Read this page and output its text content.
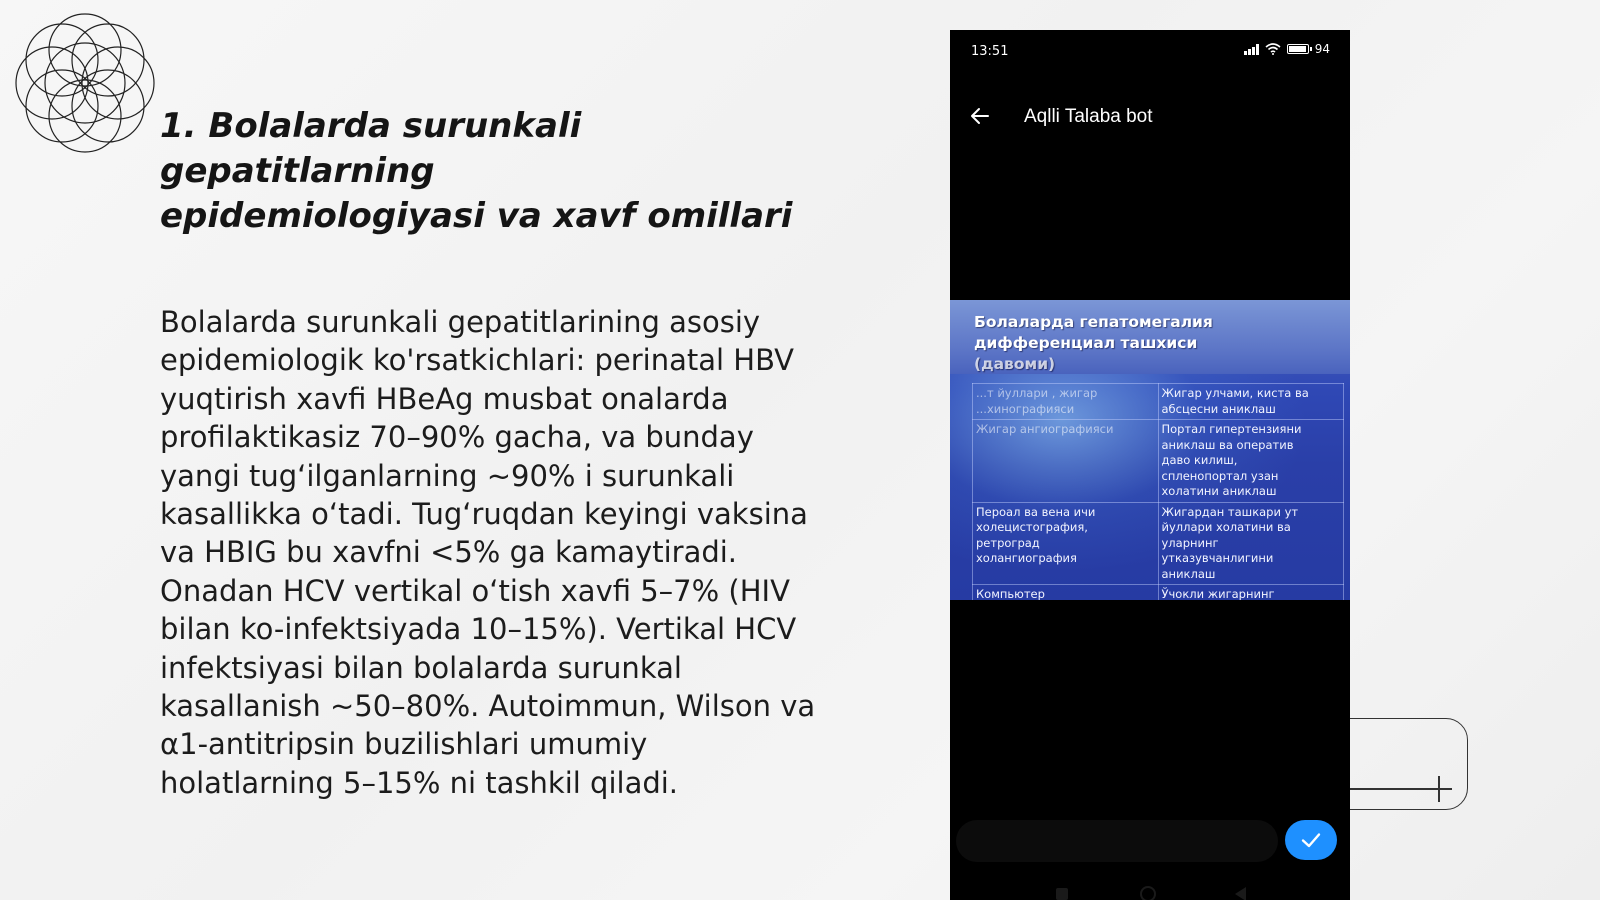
1. Bolalarda surunkali gepatitlarning
epidemiologiyasi va xavf omillari

Bolalarda surunkali gepatitlarining asosiy
epidemiologik ko'rsatkichlari: perinatal HBV
yuqtirish xavfi HBeAg musbat onalarda
profilaktikasiz 70–90% gacha, va bunday
yangi tugʻilganlarning ~90% i surunkali
kasallikka oʻtadi. Tugʻruqdan keyingi vaksina
va HBIG bu xavfni <5% ga kamaytiradi.
Onadan HCV vertikal oʻtish xavfi 5–7% (HIV
bilan ko-infektsiyada 10–15%). Vertikal HCV
infektsiyasi bilan bolalarda surunkal
kasallanish ~50–80%. Autoimmun, Wilson va
α1-antitripsin buzilishlari umumiy
holatlarning 5–15% ni tashkil qiladi.

13:51	94
Aqlli Talaba bot
Болаларда гепатомегалия
дифференциал ташхиси
(давоми)
...т йуллари , жигар
...хинографияси	Жигар улчами, киста ва
абсцесни аниклаш

Жигар ангиографияси	Портал гипертензияни
аниклаш ва оператив
даво килиш,
спленопортал узан
холатини аниклаш

Пероал ва вена ичи
холецистография,
ретроград
холангиография	Жигардан ташкари ут
йуллари холатини ва
уларнинг
утказувчанлигини
аниклаш

Компьютер	Ўчокли жигарнинг
